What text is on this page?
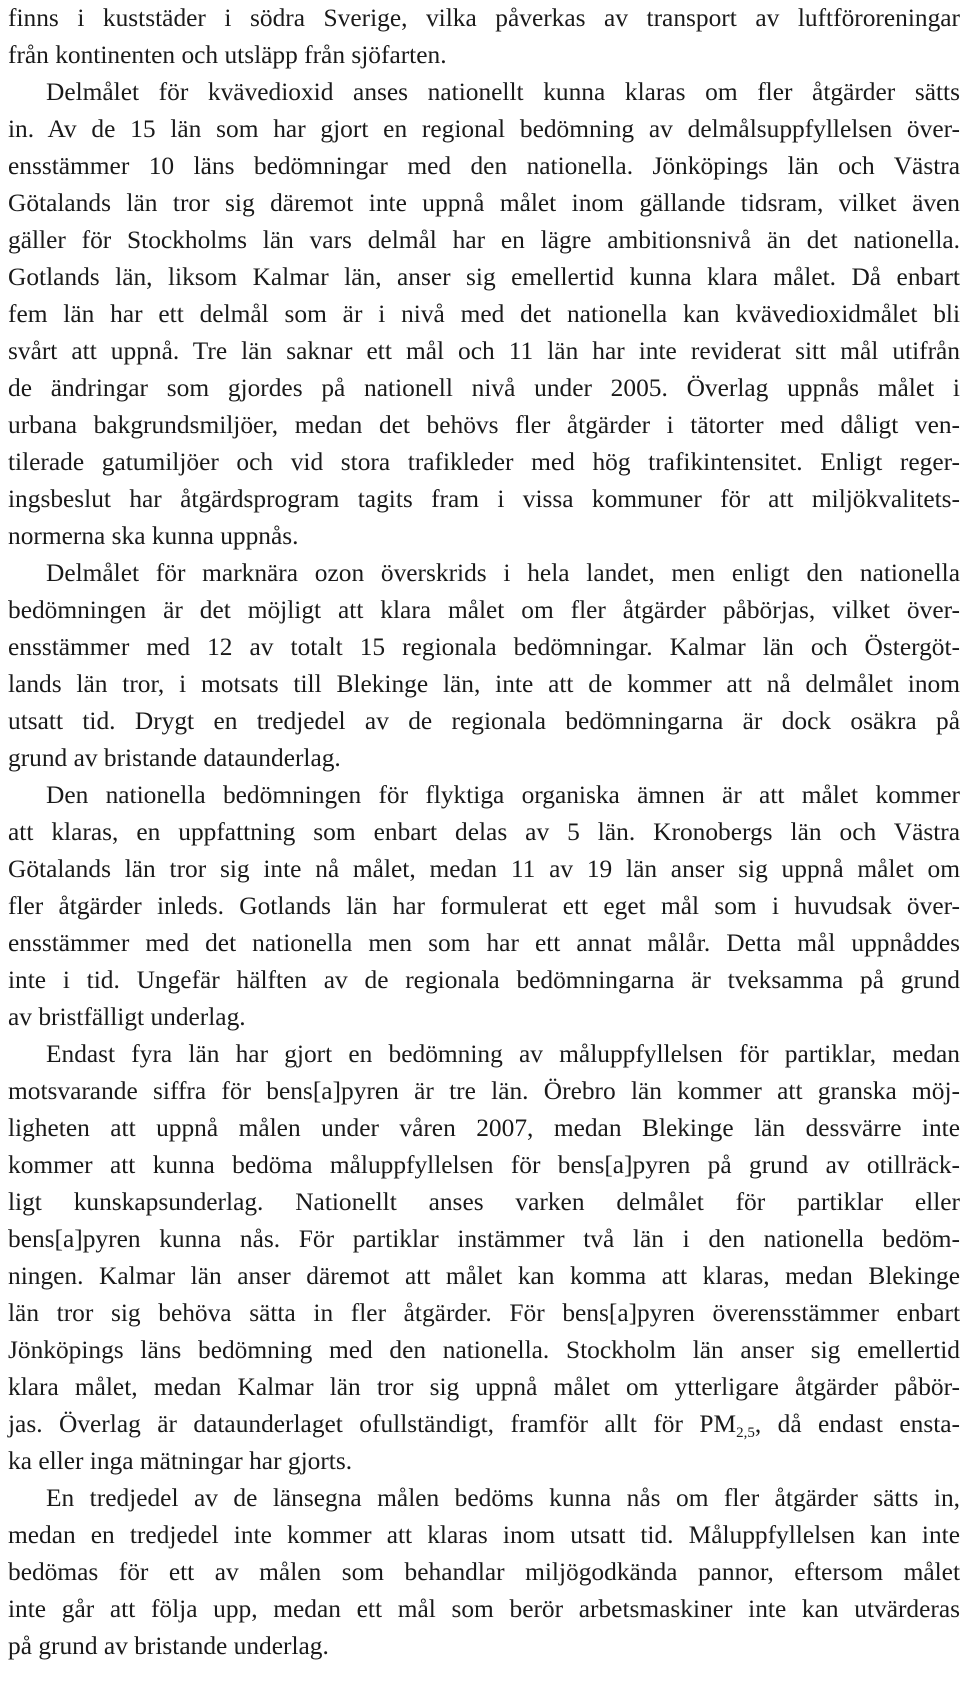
finns i kuststäder i södra Sverige, vilka påverkas av transport av luftföroreningar
från kontinenten och utsläpp från sjöfarten.
Delmålet för kvävedioxid anses nationellt kunna klaras om fler åtgärder sätts
in. Av de 15 län som har gjort en regional bedömning av delmålsuppfyllelsen över-
ensstämmer 10 läns bedömningar med den nationella. Jönköpings län och Västra
Götalands län tror sig däremot inte uppnå målet inom gällande tidsram, vilket även
gäller för Stockholms län vars delmål har en lägre ambitionsnivå än det nationella.
Gotlands län, liksom Kalmar län, anser sig emellertid kunna klara målet. Då enbart
fem län har ett delmål som är i nivå med det nationella kan kvävedioxidmålet bli
svårt att uppnå. Tre län saknar ett mål och 11 län har inte reviderat sitt mål utifrån
de ändringar som gjordes på nationell nivå under 2005. Överlag uppnås målet i
urbana bakgrundsmiljöer, medan det behövs fler åtgärder i tätorter med dåligt ven-
tilerade gatumiljöer och vid stora trafikleder med hög trafikintensitet. Enligt reger-
ingsbeslut har åtgärdsprogram tagits fram i vissa kommuner för att miljökvalitets-
normerna ska kunna uppnås.
Delmålet för marknära ozon överskrids i hela landet, men enligt den nationella
bedömningen är det möjligt att klara målet om fler åtgärder påbörjas, vilket över-
ensstämmer med 12 av totalt 15 regionala bedömningar. Kalmar län och Östergöt-
lands län tror, i motsats till Blekinge län, inte att de kommer att nå delmålet inom
utsatt tid. Drygt en tredjedel av de regionala bedömningarna är dock osäkra på
grund av bristande dataunderlag.
Den nationella bedömningen för flyktiga organiska ämnen är att målet kommer
att klaras, en uppfattning som enbart delas av 5 län. Kronobergs län och Västra
Götalands län tror sig inte nå målet, medan 11 av 19 län anser sig uppnå målet om
fler åtgärder inleds. Gotlands län har formulerat ett eget mål som i huvudsak över-
ensstämmer med det nationella men som har ett annat målår. Detta mål uppnåddes
inte i tid. Ungefär hälften av de regionala bedömningarna är tveksamma på grund
av bristfälligt underlag.
Endast fyra län har gjort en bedömning av måluppfyllelsen för partiklar, medan
motsvarande siffra för bens[a]pyren är tre län. Örebro län kommer att granska möj-
ligheten att uppnå målen under våren 2007, medan Blekinge län dessvärre inte
kommer att kunna bedöma måluppfyllelsen för bens[a]pyren på grund av otillräck-
ligt kunskapsunderlag. Nationellt anses varken delmålet för partiklar eller
bens[a]pyren kunna nås. För partiklar instämmer två län i den nationella bedöm-
ningen. Kalmar län anser däremot att målet kan komma att klaras, medan Blekinge
län tror sig behöva sätta in fler åtgärder. För bens[a]pyren överensstämmer enbart
Jönköpings läns bedömning med den nationella. Stockholm län anser sig emellertid
klara målet, medan Kalmar län tror sig uppnå målet om ytterligare åtgärder påbör-
jas. Överlag är dataunderlaget ofullständigt, framför allt för $PM_{2,5}$, då endast ensta-
ka eller inga mätningar har gjorts.
En tredjedel av de länsegna målen bedöms kunna nås om fler åtgärder sätts in,
medan en tredjedel inte kommer att klaras inom utsatt tid. Måluppfyllelsen kan inte
bedömas för ett av målen som behandlar miljögodkända pannor, eftersom målet
inte går att följa upp, medan ett mål som berör arbetsmaskiner inte kan utvärderas
på grund av bristande underlag.
